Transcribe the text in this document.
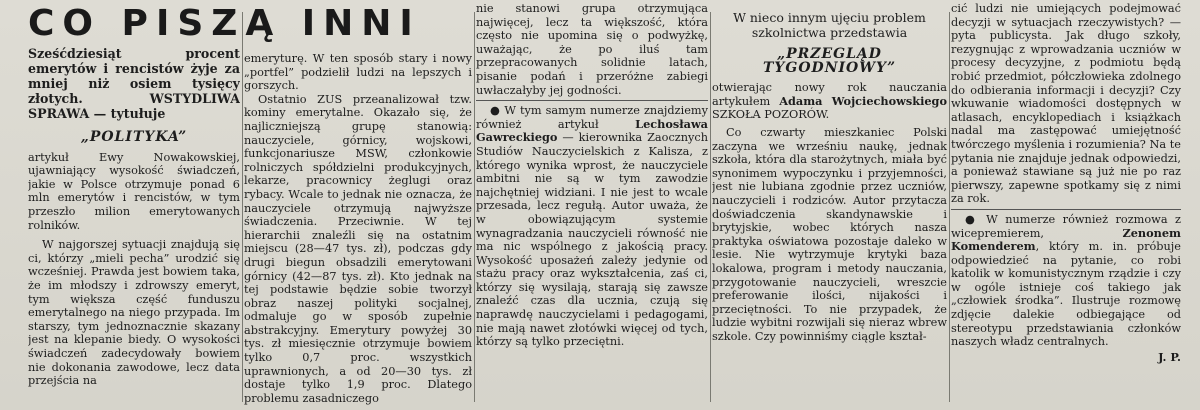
CO PISZĄ INNI

Sześćdziesiąt procent emerytów i rencistów żyje za mniej niż osiem tysięcy złotych. WSTYDLIWA SPRAWA — tytułuje

„POLITYKA”

artykuł Ewy Nowakowskiej, ujawniający wysokość świadczeń, jakie w Polsce otrzymuje ponad 6 mln emerytów i rencistów, w tym przeszło milion emerytowanych rolników.

W najgorszej sytuacji znajdują się ci, którzy „mieli pecha” urodzić się wcześniej. Prawda jest bowiem taka, że im młodszy i zdrowszy emeryt, tym większa część funduszu emerytalnego na niego przypada. Im starszy, tym jednoznacznie skazany jest na klepanie biedy. O wysokości świadczeń zadecydowały bowiem nie dokonania zawodowe, lecz data przejścia na

emeryturę. W ten sposób stary i nowy „portfel” podzielił ludzi na lepszych i gorszych.

Ostatnio ZUS przeanalizował tzw. kominy emerytalne. Okazało się, że najliczniejszą grupę stanowią: nauczyciele, górnicy, wojskowi, funkcjonariusze MSW, członkowie rolniczych spółdzielni produkcyjnych, lekarze, pracownicy żeglugi oraz rybacy. Wcale to jednak nie oznacza, że nauczyciele otrzymują najwyższe świadczenia. Przeciwnie. W tej hierarchii znaleźli się na ostatnim miejscu (28—47 tys. zł), podczas gdy drugi biegun obsadzili emerytowani górnicy (42—87 tys. zł). Kto jednak na tej podstawie będzie sobie tworzył obraz naszej polityki socjalnej, odmaluje go w sposób zupełnie abstrakcyjny. Emerytury powyżej 30 tys. zł miesięcznie otrzymuje bowiem tylko 0,7 proc. wszystkich uprawnionych, a od 20—30 tys. zł dostaje tylko 1,9 proc. Dlatego problemu zasadniczego

nie stanowi grupa otrzymująca najwięcej, lecz ta większość, która często nie upomina się o podwyżkę, uważając, że po iluś tam przepracowanych solidnie latach, pisanie podań i przeróżne zabiegi uwłaczałyby jej godności.

● W tym samym numerze znajdziemy również artykuł Lechosława Gawreckiego — kierownika Zaocznych Studiów Nauczycielskich z Kalisza, z którego wynika wprost, że nauczyciele ambitni nie są w tym zawodzie najchętniej widziani. I nie jest to wcale przesada, lecz regułą. Autor uważa, że w obowiązującym systemie wynagradzania nauczycieli równość nie ma nic wspólnego z jakością pracy. Wysokość uposażeń zależy jedynie od stażu pracy oraz wykształcenia, zaś ci, którzy się wysilają, starają się zawsze znaleźć czas dla ucznia, czują się naprawdę nauczycielami i pedagogami, nie mają nawet złotówki więcej od tych, którzy są tylko przeciętni.

W nieco innym ujęciu problem szkolnictwa przedstawia

„PRZEGLĄD TYGODNIOWY”

otwierając nowy rok nauczania artykułem Adama Wojciechowskiego SZKOŁA POZORÓW.

Co czwarty mieszkaniec Polski zaczyna we wrześniu naukę, jednak szkoła, która dla starożytnych, miała być synonimem wypoczynku i przyjemności, jest nie lubiana zgodnie przez uczniów, nauczycieli i rodziców. Autor przytacza doświadczenia skandynawskie i brytyjskie, wobec których nasza praktyka oświatowa pozostaje daleko w lesie. Nie wytrzymuje krytyki baza lokalowa, program i metody nauczania, przygotowanie nauczycieli, wreszcie preferowanie ilości, nijakości i przeciętności. To nie przypadek, że ludzie wybitni rozwijali się nieraz wbrew szkole. Czy powinniśmy ciągle kształ-

cić ludzi nie umiejących podejmować decyzji w sytuacjach rzeczywistych? — pyta publicysta. Jak długo szkoły, rezygnując z wprowadzania uczniów w procesy decyzyjne, z podmiotu będą robić przedmiot, półczłowieka zdolnego do odbierania informacji i decyzji? Czy wkuwanie wiadomości dostępnych w atlasach, encyklopediach i książkach nadal ma zastępować umiejętność twórczego myślenia i rozumienia? Na te pytania nie znajduje jednak odpowiedzi, a ponieważ stawiane są już nie po raz pierwszy, zapewne spotkamy się z nimi za rok.

● W numerze również rozmowa z wicepremierem, Zenonem Komenderem, który m. in. próbuje odpowiedzieć na pytanie, co robi katolik w komunistycznym rządzie i czy w ogóle istnieje coś takiego jak „człowiek środka”. Ilustruje rozmowę zdjęcie dalekie odbiegające od stereotypu przedstawiania członków naszych władz centralnych.

J. P.
